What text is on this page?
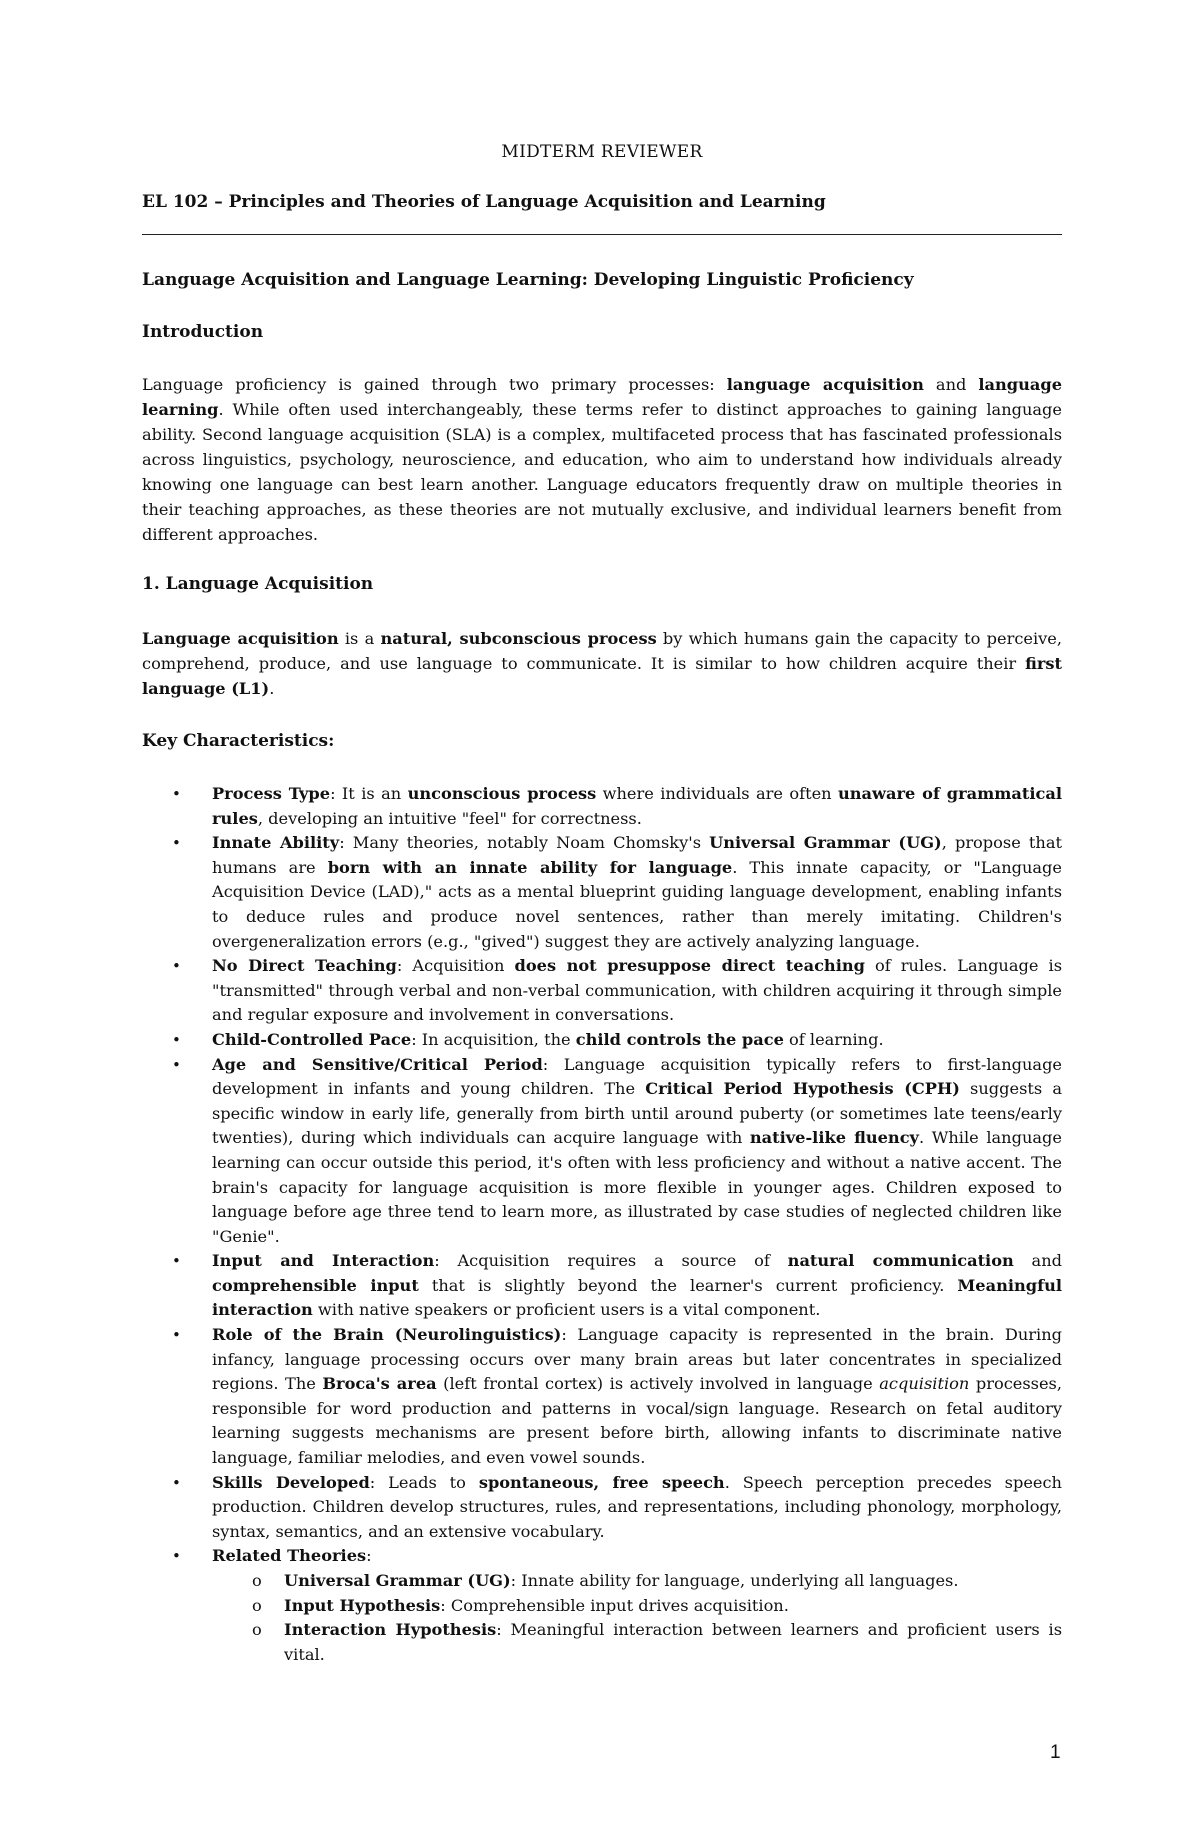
MIDTERM REVIEWER
EL 102 – Principles and Theories of Language Acquisition and Learning
Language Acquisition and Language Learning: Developing Linguistic Proficiency
Introduction

Language proficiency is gained through two primary processes: language acquisition and language learning. While often used interchangeably, these terms refer to distinct approaches to gaining language ability. Second language acquisition (SLA) is a complex, multifaceted process that has fascinated professionals across linguistics, psychology, neuroscience, and education, who aim to understand how individuals already knowing one language can best learn another. Language educators frequently draw on multiple theories in their teaching approaches, as these theories are not mutually exclusive, and individual learners benefit from different approaches.

1. Language Acquisition

Language acquisition is a natural, subconscious process by which humans gain the capacity to perceive, comprehend, produce, and use language to communicate. It is similar to how children acquire their first language (L1).

Key Characteristics:
• Process Type: It is an unconscious process where individuals are often unaware of grammatical rules, developing an intuitive "feel" for correctness.
• Innate Ability: Many theories, notably Noam Chomsky's Universal Grammar (UG), propose that humans are born with an innate ability for language. This innate capacity, or "Language Acquisition Device (LAD)," acts as a mental blueprint guiding language development, enabling infants to deduce rules and produce novel sentences, rather than merely imitating. Children's overgeneralization errors (e.g., "gived") suggest they are actively analyzing language.
• No Direct Teaching: Acquisition does not presuppose direct teaching of rules. Language is "transmitted" through verbal and non-verbal communication, with children acquiring it through simple and regular exposure and involvement in conversations.
• Child-Controlled Pace: In acquisition, the child controls the pace of learning.
• Age and Sensitive/Critical Period: Language acquisition typically refers to first-language development in infants and young children. The Critical Period Hypothesis (CPH) suggests a specific window in early life, generally from birth until around puberty (or sometimes late teens/early twenties), during which individuals can acquire language with native-like fluency. While language learning can occur outside this period, it's often with less proficiency and without a native accent. The brain's capacity for language acquisition is more flexible in younger ages. Children exposed to language before age three tend to learn more, as illustrated by case studies of neglected children like "Genie".
• Input and Interaction: Acquisition requires a source of natural communication and comprehensible input that is slightly beyond the learner's current proficiency. Meaningful interaction with native speakers or proficient users is a vital component.
• Role of the Brain (Neurolinguistics): Language capacity is represented in the brain. During infancy, language processing occurs over many brain areas but later concentrates in specialized regions. The Broca's area (left frontal cortex) is actively involved in language acquisition processes, responsible for word production and patterns in vocal/sign language. Research on fetal auditory learning suggests mechanisms are present before birth, allowing infants to discriminate native language, familiar melodies, and even vowel sounds.
• Skills Developed: Leads to spontaneous, free speech. Speech perception precedes speech production. Children develop structures, rules, and representations, including phonology, morphology, syntax, semantics, and an extensive vocabulary.
• Related Theories:
o Universal Grammar (UG): Innate ability for language, underlying all languages.
o Input Hypothesis: Comprehensible input drives acquisition.
o Interaction Hypothesis: Meaningful interaction between learners and proficient users is vital.
1
